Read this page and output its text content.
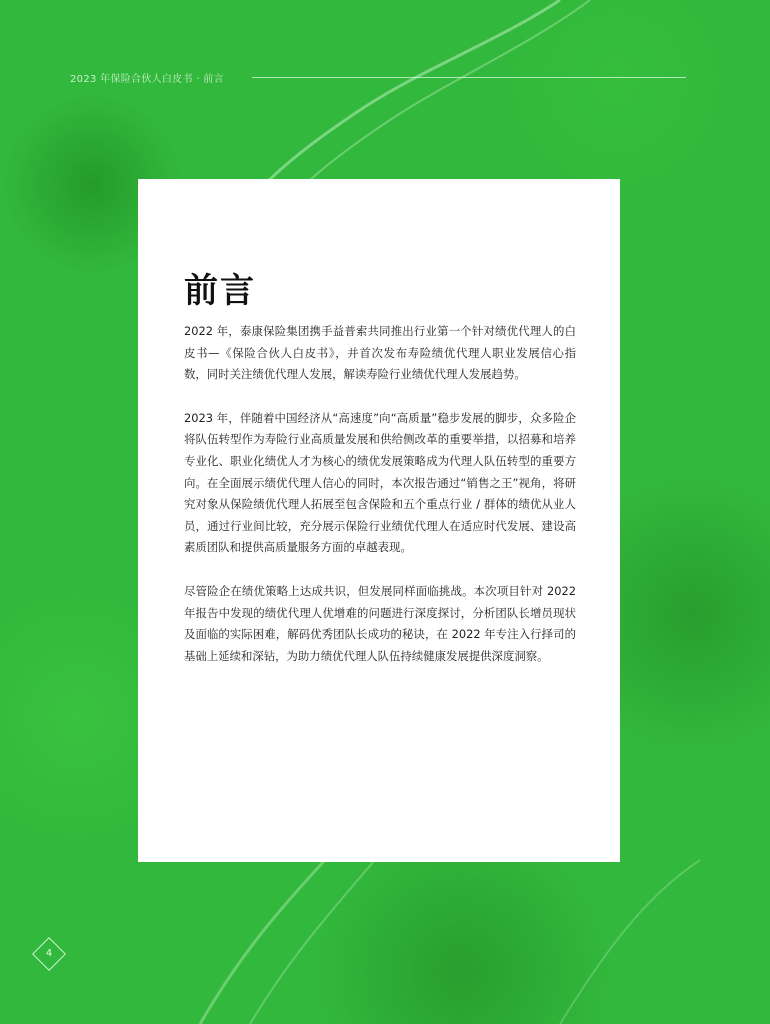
2023 年保险合伙人白皮书 · 前言
前言

2022 年，泰康保险集团携手益普索共同推出行业第一个针对绩优代理人的白皮书—《保险合伙人白皮书》，并首次发布寿险绩优代理人职业发展信心指数，同时关注绩优代理人发展，解读寿险行业绩优代理人发展趋势。

2023 年，伴随着中国经济从“高速度”向“高质量”稳步发展的脚步，众多险企将队伍转型作为寿险行业高质量发展和供给侧改革的重要举措，以招募和培养专业化、职业化绩优人才为核心的绩优发展策略成为代理人队伍转型的重要方向。在全面展示绩优代理人信心的同时，本次报告通过“销售之王”视角，将研究对象从保险绩优代理人拓展至包含保险和五个重点行业 / 群体的绩优从业人员，通过行业间比较，充分展示保险行业绩优代理人在适应时代发展、建设高素质团队和提供高质量服务方面的卓越表现。

尽管险企在绩优策略上达成共识，但发展同样面临挑战。本次项目针对 2022 年报告中发现的绩优代理人优增难的问题进行深度探讨，分析团队长增员现状及面临的实际困难，解码优秀团队长成功的秘诀，在 2022 年专注入行择司的基础上延续和深钻，为助力绩优代理人队伍持续健康发展提供深度洞察。

4
